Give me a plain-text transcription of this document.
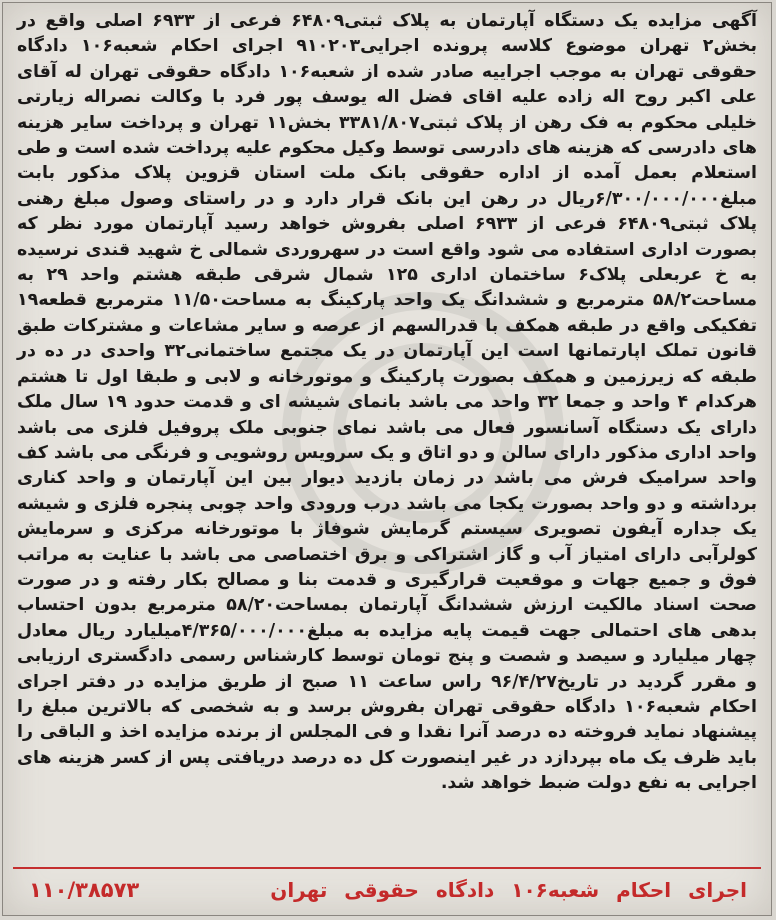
آگهی مزایده یک دستگاه آپارتمان به پلاک ثبتی۶۴۸۰۹ فرعی از ۶۹۳۳ اصلی واقع در بخش۲ تهران موضوع کلاسه پرونده اجرایی۹۱۰۲۰۳ اجرای احکام شعبه۱۰۶ دادگاه حقوقی تهران به موجب اجراییه صادر شده از شعبه۱۰۶ دادگاه حقوقی تهران له آقای علی اکبر روح اله زاده علیه اقای فضل اله یوسف پور فرد با وکالت نصراله زیارتی خلیلی محکوم به فک رهن از پلاک ثبتی۳۳۸۱/۸۰۷ بخش۱۱ تهران و پرداخت سایر هزینه های دادرسی که هزینه های دادرسی توسط وکیل محکوم علیه پرداخت شده است و طی استعلام بعمل آمده از اداره حقوقی بانک ملت استان قزوین پلاک مذکور بابت مبلغ۶/۳۰۰/۰۰۰/۰۰۰ریال در رهن این بانک قرار دارد و در راستای وصول مبلغ رهنی پلاک ثبتی۶۴۸۰۹ فرعی از ۶۹۳۳ اصلی بفروش خواهد رسید آپارتمان مورد نظر که بصورت اداری استفاده می شود واقع است در سهروردی شمالی خ شهید قندی نرسیده به خ عربعلی پلاک۶ ساختمان اداری ۱۲۵ شمال شرقی طبقه هشتم واحد ۲۹ به مساحت۵۸/۲ مترمربع و ششدانگ یک واحد پارکینگ به مساحت۱۱/۵۰ مترمربع قطعه۱۹ تفکیکی واقع در طبقه همکف با قدرالسهم از عرصه و سایر مشاعات و مشترکات طبق قانون تملک اپارتمانها است این آپارتمان در یک مجتمع ساختمانی۳۲ واحدی در ده در طبقه که زیرزمین و همکف بصورت پارکینگ و موتورخانه و لابی و طبقا اول تا هشتم هرکدام ۴ واحد و جمعا ۳۲ واحد می باشد بانمای شیشه ای و قدمت حدود ۱۹ سال ملک دارای یک دستگاه آسانسور فعال می باشد نمای جنوبی ملک پروفیل فلزی می باشد واحد اداری مذکور دارای سالن و دو اتاق و یک سرویس روشویی و فرنگی می باشد کف واحد سرامیک فرش می باشد در زمان بازدید دیوار بین این آپارتمان و واحد کناری برداشته و دو واحد بصورت یکجا می باشد درب ورودی واحد چوبی پنجره فلزی و شیشه یک جداره آیفون تصویری سیستم گرمایش شوفاژ با موتورخانه مرکزی و سرمایش کولرآبی دارای امتیاز آب و گاز اشتراکی و برق اختصاصی می باشد با عنایت به مراتب فوق و جمیع جهات و موقعیت قرارگیری و قدمت بنا و مصالح بکار رفته و در صورت صحت اسناد مالکیت ارزش ششدانگ آپارتمان بمساحت۵۸/۲۰ مترمربع بدون احتساب بدهی های احتمالی جهت قیمت پایه مزایده به مبلغ۴/۳۶۵/۰۰۰/۰۰۰میلیارد ریال معادل چهار میلیارد و سیصد و شصت و پنج تومان توسط کارشناس رسمی دادگستری ارزیابی و مقرر گردید در تاریخ۹۶/۴/۲۷ راس ساعت ۱۱ صبح از طریق مزایده در دفتر اجرای احکام شعبه۱۰۶ دادگاه حقوقی تهران بفروش برسد و به شخصی که بالاترین مبلغ را پیشنهاد نماید فروخته ده درصد آنرا نقدا و فی المجلس از برنده مزایده اخذ و الباقی را باید ظرف یک ماه بپردازد در غیر اینصورت کل ده درصد دریافتی پس از کسر هزینه های اجرایی به نفع دولت ضبط خواهد شد.
۱۱۰/۳۸۵۷۳	اجرای احکام شعبه۱۰۶ دادگاه حقوقی تهران
